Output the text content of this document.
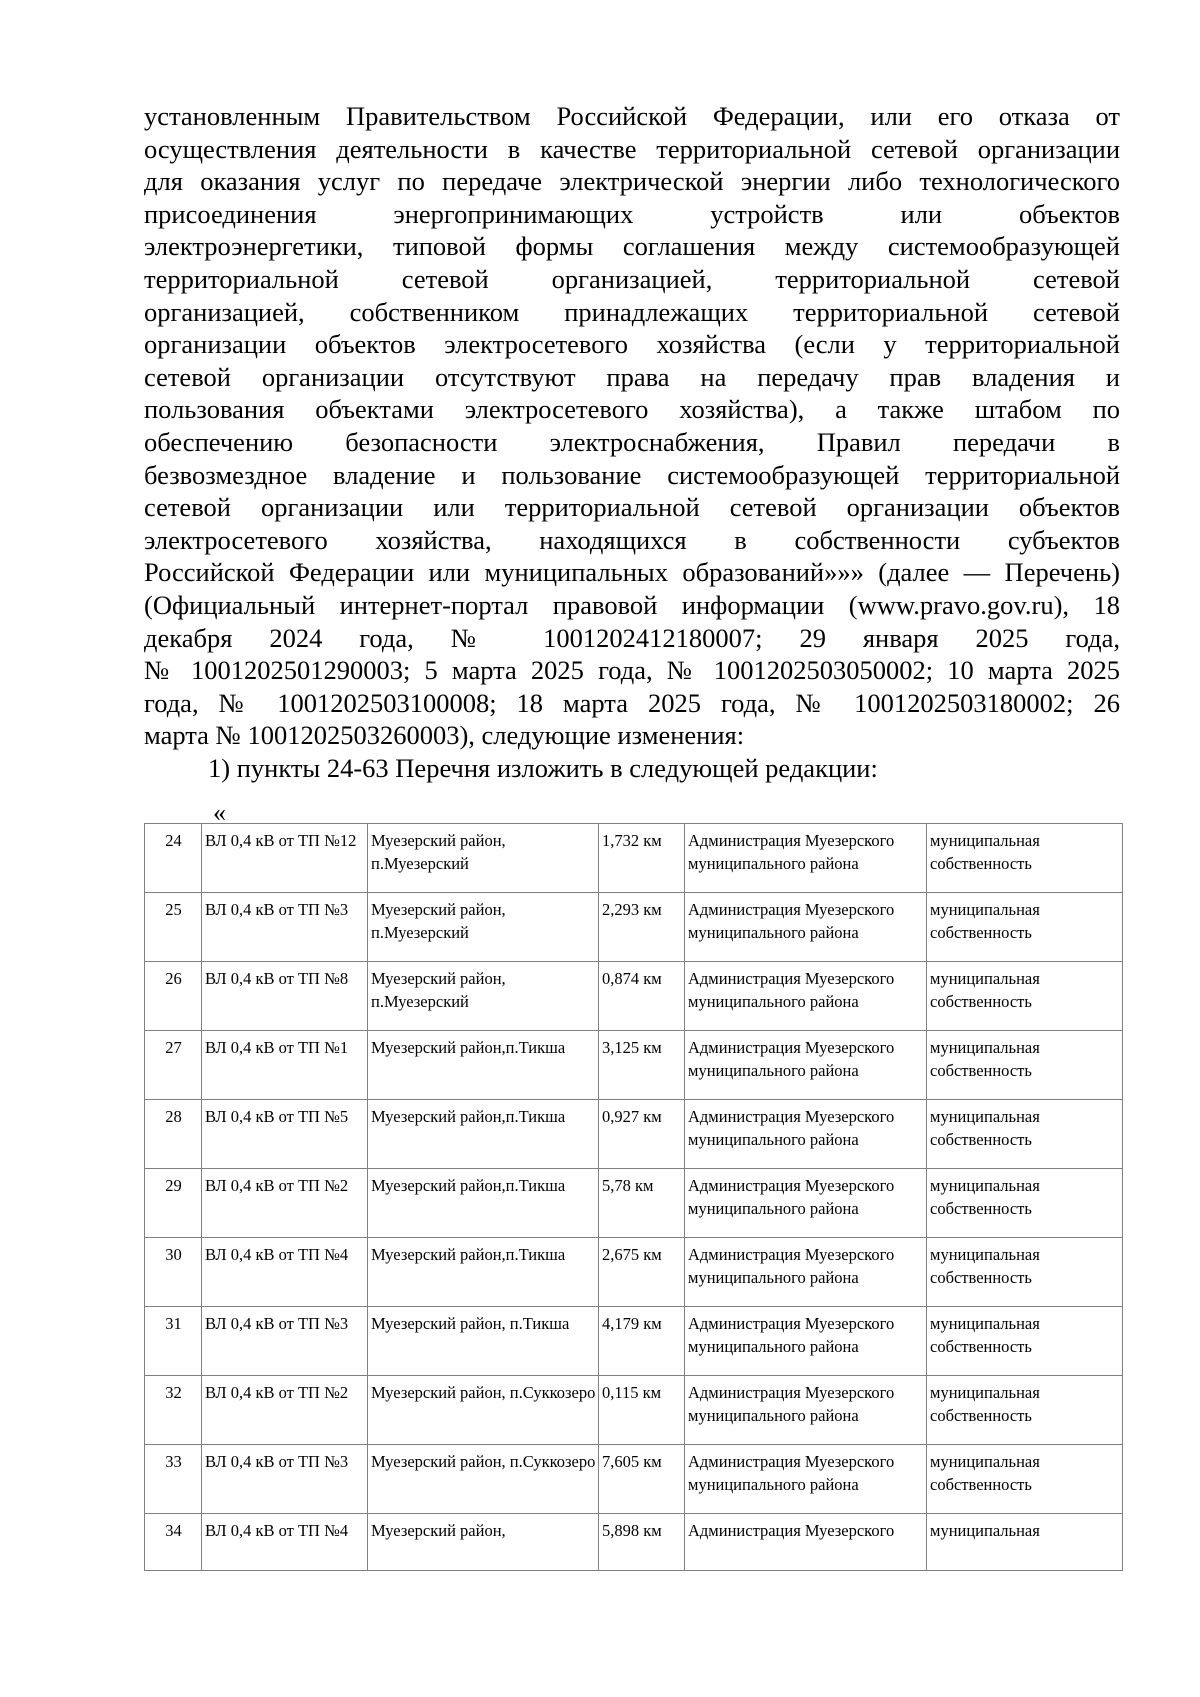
установленным Правительством Российской Федерации, или его отказа от
осуществления деятельности в качестве территориальной сетевой организации
для оказания услуг по передаче электрической энергии либо технологического
присоединения энергопринимающих устройств или объектов
электроэнергетики, типовой формы соглашения между системообразующей
территориальной сетевой организацией, территориальной сетевой
организацией, собственником принадлежащих территориальной сетевой
организации объектов электросетевого хозяйства (если у территориальной
сетевой организации отсутствуют права на передачу прав владения и
пользования объектами электросетевого хозяйства), а также штабом по
обеспечению безопасности электроснабжения, Правил передачи в
безвозмездное владение и пользование системообразующей территориальной
сетевой организации или территориальной сетевой организации объектов
электросетевого хозяйства, находящихся в собственности субъектов
Российской Федерации или муниципальных образований»»» (далее — Перечень)
(Официальный интернет-портал правовой информации (www.pravo.gov.ru), 18
декабря 2024 года, № 1001202412180007; 29 января 2025 года,
№ 1001202501290003; 5 марта 2025 года, № 1001202503050002; 10 марта 2025
года, № 1001202503100008; 18 марта 2025 года, № 1001202503180002; 26
марта № 1001202503260003), следующие изменения:
1) пункты 24-63 Перечня изложить в следующей редакции:
«
24	ВЛ 0,4 кВ от ТП №12	Муезерский район, п.Муезерский	1,732 км	Администрация Муезерского муниципального района	муниципальная собственность
25	ВЛ 0,4 кВ от ТП №3	Муезерский район, п.Муезерский	2,293 км	Администрация Муезерского муниципального района	муниципальная собственность
26	ВЛ 0,4 кВ от ТП №8	Муезерский район, п.Муезерский	0,874 км	Администрация Муезерского муниципального района	муниципальная собственность
27	ВЛ 0,4 кВ от ТП №1	Муезерский район,п.Тикша	3,125 км	Администрация Муезерского муниципального района	муниципальная собственность
28	ВЛ 0,4 кВ от ТП №5	Муезерский район,п.Тикша	0,927 км	Администрация Муезерского муниципального района	муниципальная собственность
29	ВЛ 0,4 кВ от ТП №2	Муезерский район,п.Тикша	5,78 км	Администрация Муезерского муниципального района	муниципальная собственность
30	ВЛ 0,4 кВ от ТП №4	Муезерский район,п.Тикша	2,675 км	Администрация Муезерского муниципального района	муниципальная собственность
31	ВЛ 0,4 кВ от ТП №3	Муезерский район, п.Тикша	4,179 км	Администрация Муезерского муниципального района	муниципальная собственность
32	ВЛ 0,4 кВ от ТП №2	Муезерский район, п.Суккозеро	0,115 км	Администрация Муезерского муниципального района	муниципальная собственность
33	ВЛ 0,4 кВ от ТП №3	Муезерский район, п.Суккозеро	7,605 км	Администрация Муезерского муниципального района	муниципальная собственность
34	ВЛ 0,4 кВ от ТП №4	Муезерский район,	5,898 км	Администрация Муезерского	муниципальная
